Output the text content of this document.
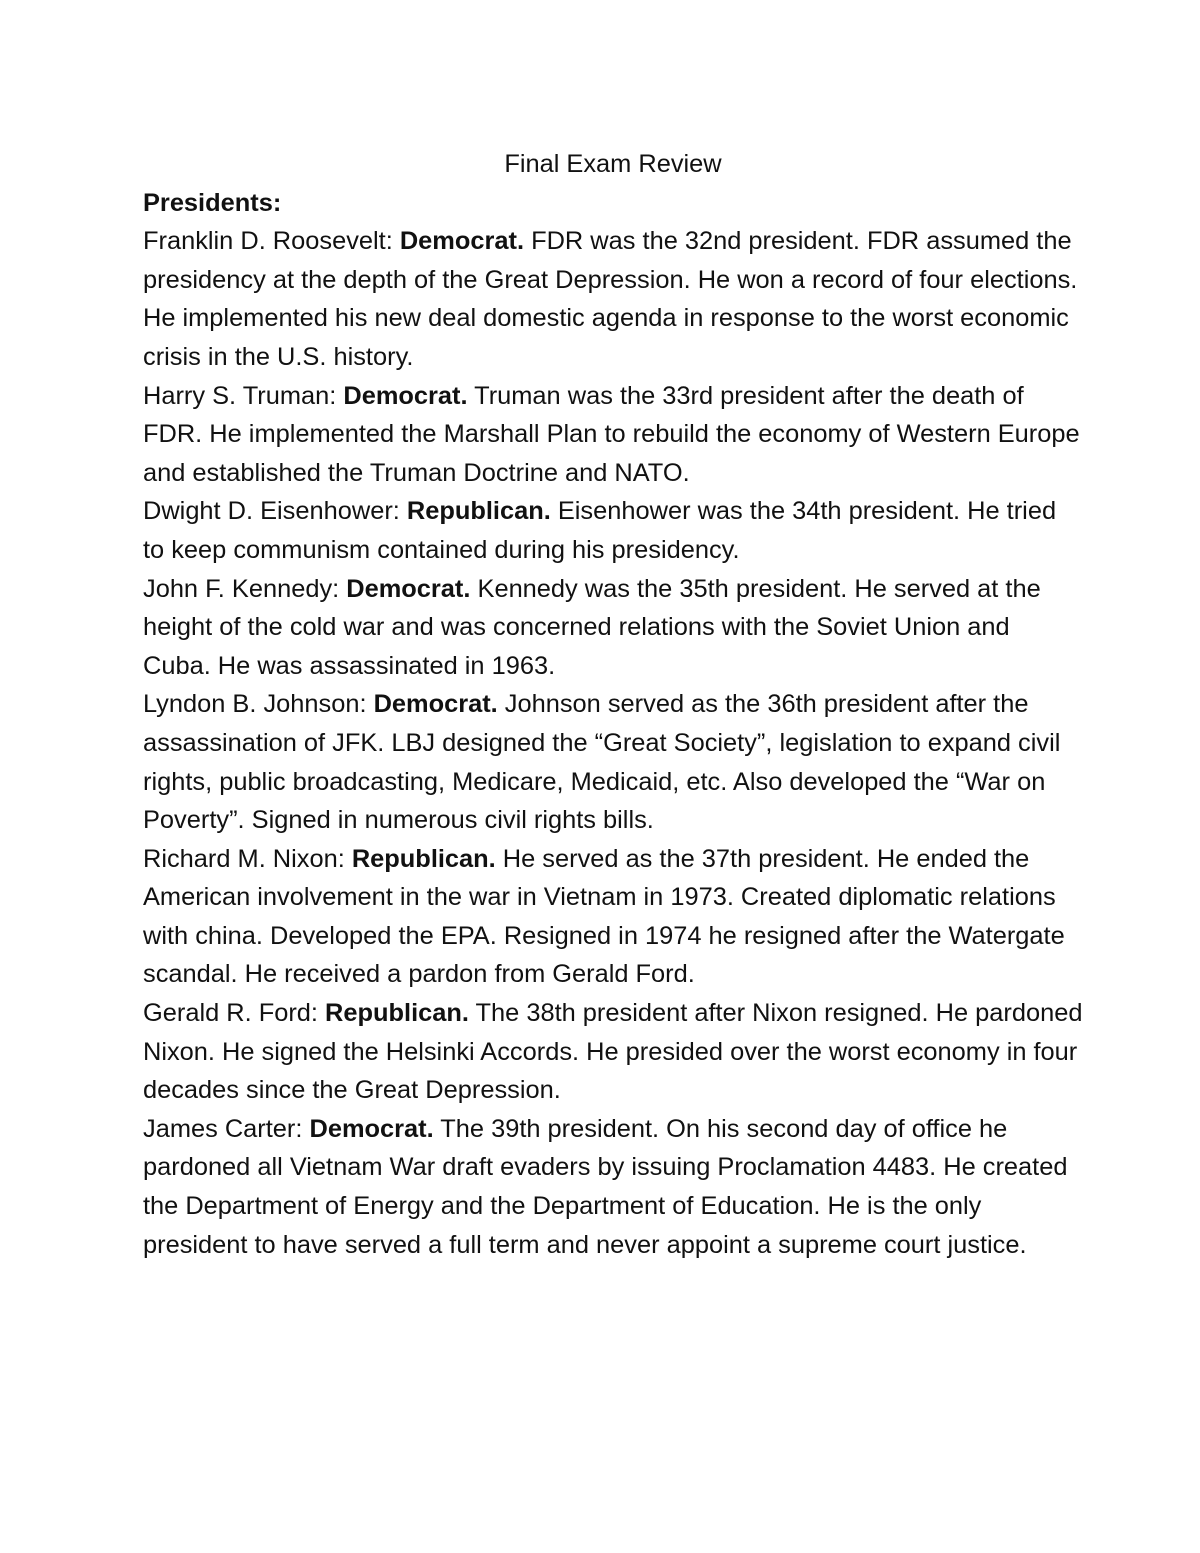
Final Exam Review
Presidents:

Franklin D. Roosevelt: Democrat. FDR was the 32nd president. FDR assumed the presidency at the depth of the Great Depression. He won a record of four elections. He implemented his new deal domestic agenda in response to the worst economic crisis in the U.S. history.

Harry S. Truman: Democrat. Truman was the 33rd president after the death of FDR. He implemented the Marshall Plan to rebuild the economy of Western Europe and established the Truman Doctrine and NATO.

Dwight D. Eisenhower: Republican. Eisenhower was the 34th president. He tried to keep communism contained during his presidency.

John F. Kennedy: Democrat. Kennedy was the 35th president. He served at the height of the cold war and was concerned relations with the Soviet Union and Cuba. He was assassinated in 1963.

Lyndon B. Johnson: Democrat. Johnson served as the 36th president after the assassination of JFK. LBJ designed the “Great Society”, legislation to expand civil rights, public broadcasting, Medicare, Medicaid, etc. Also developed the “War on Poverty”. Signed in numerous civil rights bills.

Richard M. Nixon: Republican. He served as the 37th president. He ended the American involvement in the war in Vietnam in 1973. Created diplomatic relations with china. Developed the EPA. Resigned in 1974 he resigned after the Watergate scandal. He received a pardon from Gerald Ford.

Gerald R. Ford: Republican. The 38th president after Nixon resigned. He pardoned Nixon. He signed the Helsinki Accords. He presided over the worst economy in four decades since the Great Depression.

James Carter: Democrat. The 39th president. On his second day of office he pardoned all Vietnam War draft evaders by issuing Proclamation 4483. He created the Department of Energy and the Department of Education. He is the only president to have served a full term and never appoint a supreme court justice.
